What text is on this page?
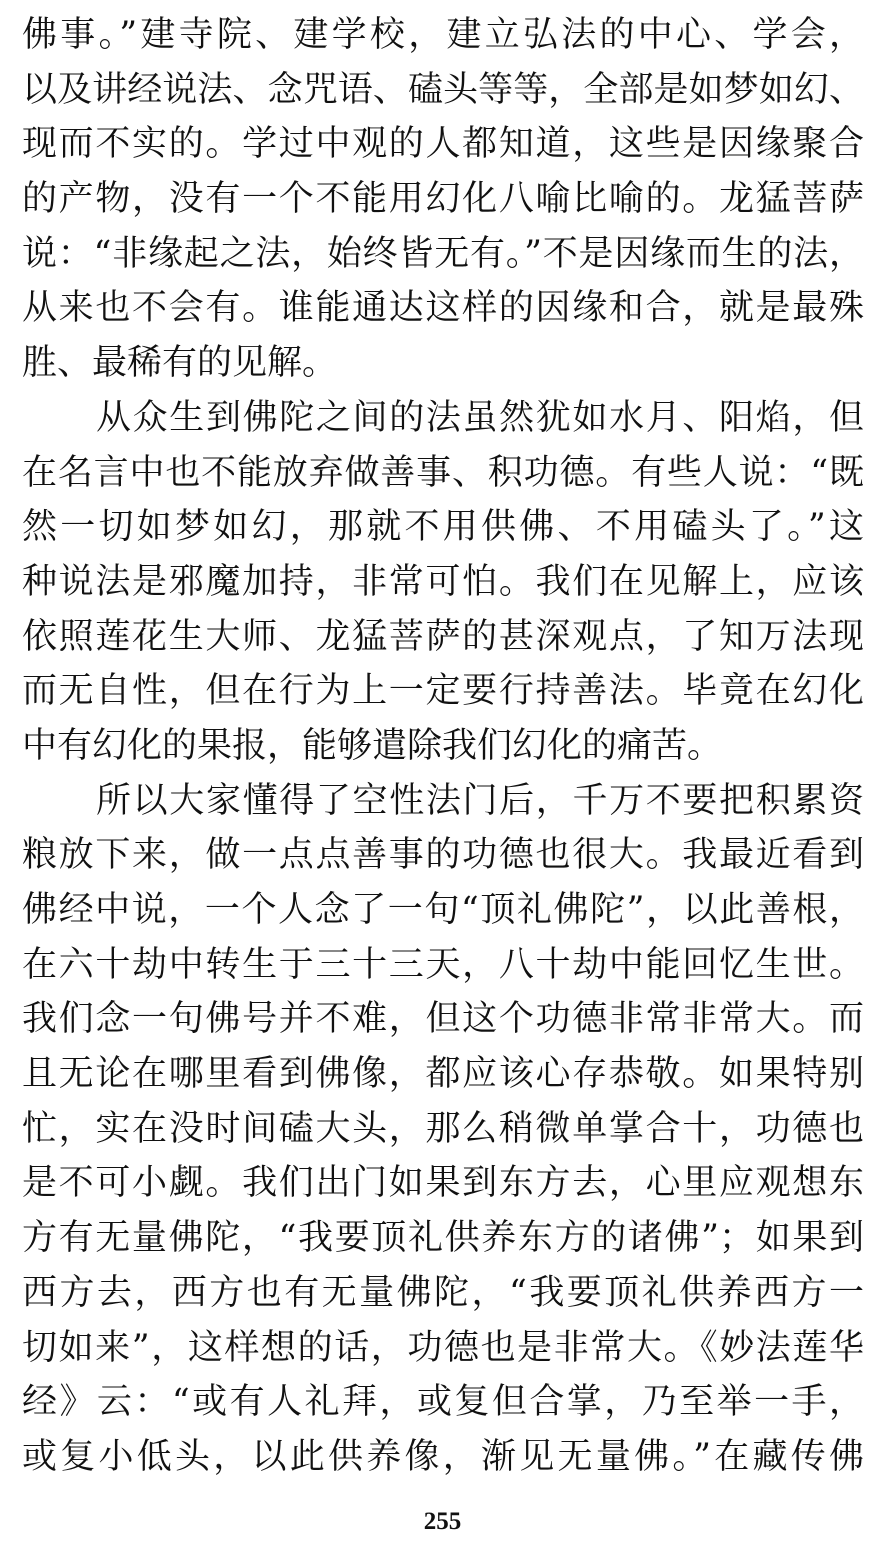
佛事。”建寺院、建学校，建立弘法的中心、学会，
以及讲经说法、念咒语、磕头等等，全部是如梦如幻、
现而不实的。学过中观的人都知道，这些是因缘聚合
的产物，没有一个不能用幻化八喻比喻的。龙猛菩萨
说：“非缘起之法，始终皆无有。”不是因缘而生的法，
从来也不会有。谁能通达这样的因缘和合，就是最殊
胜、最稀有的见解。
从众生到佛陀之间的法虽然犹如水月、阳焰，但
在名言中也不能放弃做善事、积功德。有些人说：“既
然一切如梦如幻，那就不用供佛、不用磕头了。”这
种说法是邪魔加持，非常可怕。我们在见解上，应该
依照莲花生大师、龙猛菩萨的甚深观点，了知万法现
而无自性，但在行为上一定要行持善法。毕竟在幻化
中有幻化的果报，能够遣除我们幻化的痛苦。
所以大家懂得了空性法门后，千万不要把积累资
粮放下来，做一点点善事的功德也很大。我最近看到
佛经中说，一个人念了一句“顶礼佛陀”，以此善根，
在六十劫中转生于三十三天，八十劫中能回忆生世。
我们念一句佛号并不难，但这个功德非常非常大。而
且无论在哪里看到佛像，都应该心存恭敬。如果特别
忙，实在没时间磕大头，那么稍微单掌合十，功德也
是不可小觑。我们出门如果到东方去，心里应观想东
方有无量佛陀，“我要顶礼供养东方的诸佛”；如果到
西方去，西方也有无量佛陀，“我要顶礼供养西方一
切如来”，这样想的话，功德也是非常大。《妙法莲华
经》云：“或有人礼拜，或复但合掌，乃至举一手，
或复小低头，以此供养像，渐见无量佛。”在藏传佛
255
